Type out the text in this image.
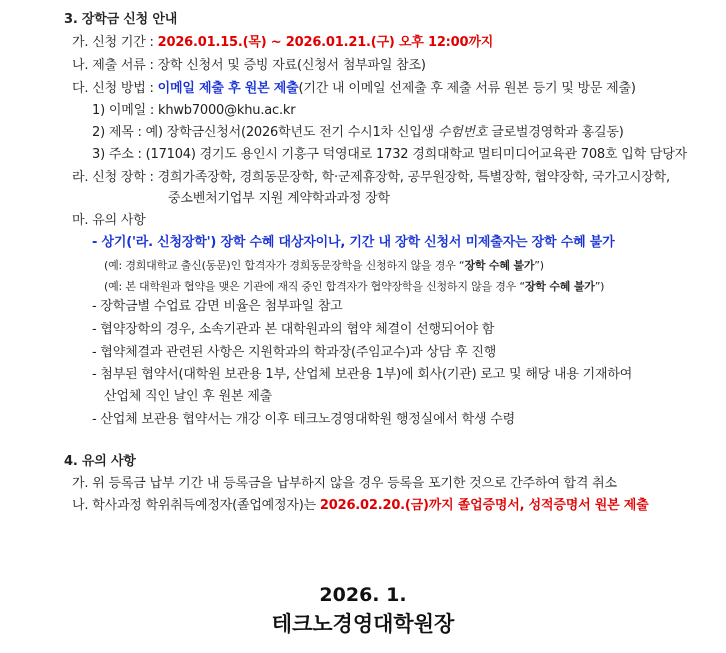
3. 장학금 신청 안내
가. 신청 기간 : 2026.01.15.(목) ~ 2026.01.21.(구) 오후 12:00까지
나. 제출 서류 : 장학 신청서 및 증빙 자료(신청서 첨부파일 참조)
다. 신청 방법 : 이메일 제출 후 원본 제출(기간 내 이메일 선제출 후 제출 서류 원본 등기 및 방문 제출)
1) 이메일 : khwb7000@khu.ac.kr
2) 제목 : 예) 장학금신청서(2026학년도 전기 수시1차 신입생 수험번호 글로벌경영학과 홍길동)
3) 주소 : (17104) 경기도 용인시 기흥구 덕영대로 1732 경희대학교 멀티미디어교육관 708호 입학 담당자
라. 신청 장학 : 경희가족장학, 경희동문장학, 학·군제휴장학, 공무원장학, 특별장학, 협약장학, 국가고시장학,
중소벤처기업부 지원 계약학과과정 장학
마. 유의 사항
- 상기('라. 신청장학') 장학 수혜 대상자이나, 기간 내 장학 신청서 미제출자는 장학 수혜 불가
(예: 경희대학교 출신(동문)인 합격자가 경희동문장학을 신청하지 않을 경우 “장학 수혜 불가”)
(예: 본 대학원과 협약을 맺은 기관에 재직 중인 합격자가 협약장학을 신청하지 않을 경우 “장학 수혜 불가”)
- 장학금별 수업료 감면 비율은 첨부파일 참고
- 협약장학의 경우, 소속기관과 본 대학원과의 협약 체결이 선행되어야 함
- 협약체결과 관련된 사항은 지원학과의 학과장(주임교수)과 상담 후 진행
- 첨부된 협약서(대학원 보관용 1부, 산업체 보관용 1부)에 회사(기관) 로고 및 해당 내용 기재하여
산업체 직인 날인 후 원본 제출
- 산업체 보관용 협약서는 개강 이후 테크노경영대학원 행정실에서 학생 수령
4. 유의 사항
가. 위 등록금 납부 기간 내 등록금을 납부하지 않을 경우 등록을 포기한 것으로 간주하여 합격 취소
나. 학사과정 학위취득예정자(졸업예정자)는 2026.02.20.(금)까지 졸업증명서, 성적증명서 원본 제출
2026. 1.
테크노경영대학원장
